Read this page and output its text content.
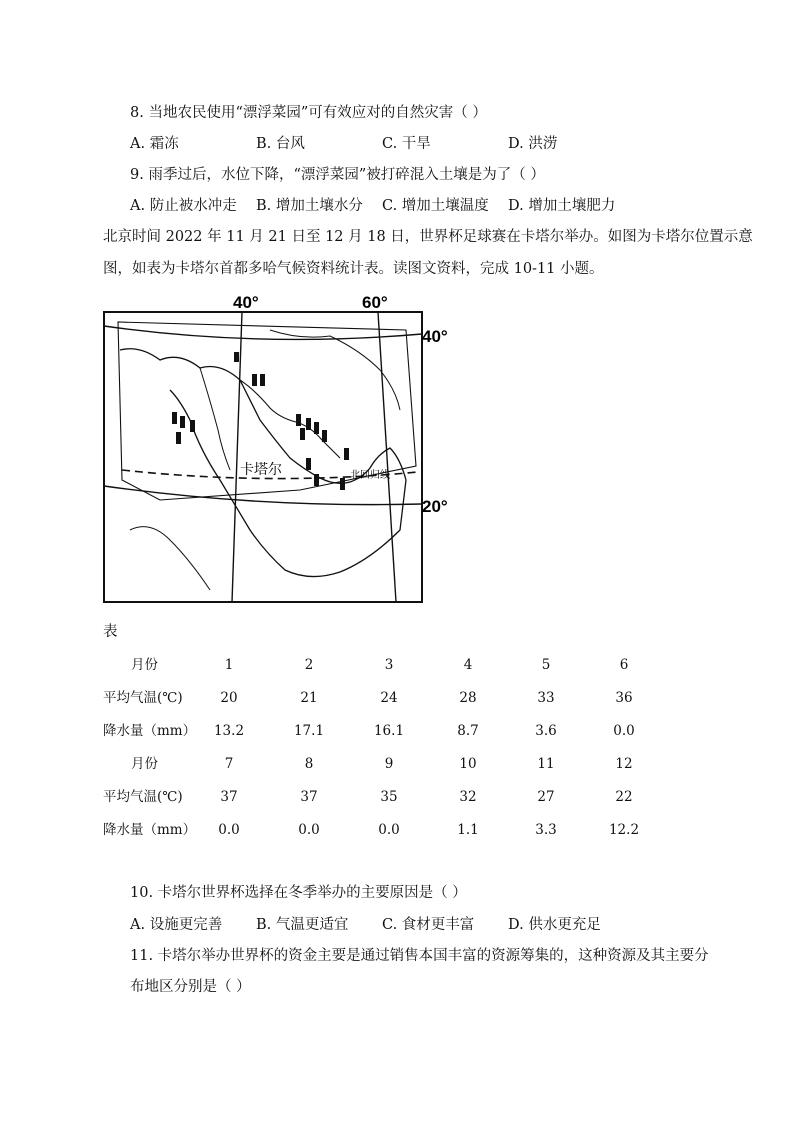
8. 当地农民使用“漂浮菜园”可有效应对的自然灾害（ ）
A. 霜冻	B. 台风	C. 干旱	D. 洪涝
9. 雨季过后，水位下降，“漂浮菜园”被打碎混入土壤是为了（ ）
A. 防止被水冲走 B. 增加土壤水分 C. 增加土壤温度 D. 增加土壤肥力
北京时间 2022 年 11 月 21 日至 12 月 18 日，世界杯足球赛在卡塔尔举办。如图为卡塔尔位置示意
图，如表为卡塔尔首都多哈气候资料统计表。读图文资料，完成 10-11 小题。
40°	60°
40°
20°
卡塔尔	北回归线
表
月份	1	2	3	4	5	6
平均气温(℃)	20	21	24	28	33	36
降水量（mm）	13.2	17.1	16.1	8.7	3.6	0.0
月份	7	8	9	10	11	12
平均气温(℃)	37	37	35	32	27	22
降水量（mm）	0.0	0.0	0.0	1.1	3.3	12.2
10. 卡塔尔世界杯选择在冬季举办的主要原因是（ ）
A. 设施更完善 B. 气温更适宜 C. 食材更丰富 D. 供水更充足
11. 卡塔尔举办世界杯的资金主要是通过销售本国丰富的资源筹集的，这种资源及其主要分
布地区分别是（ ）
